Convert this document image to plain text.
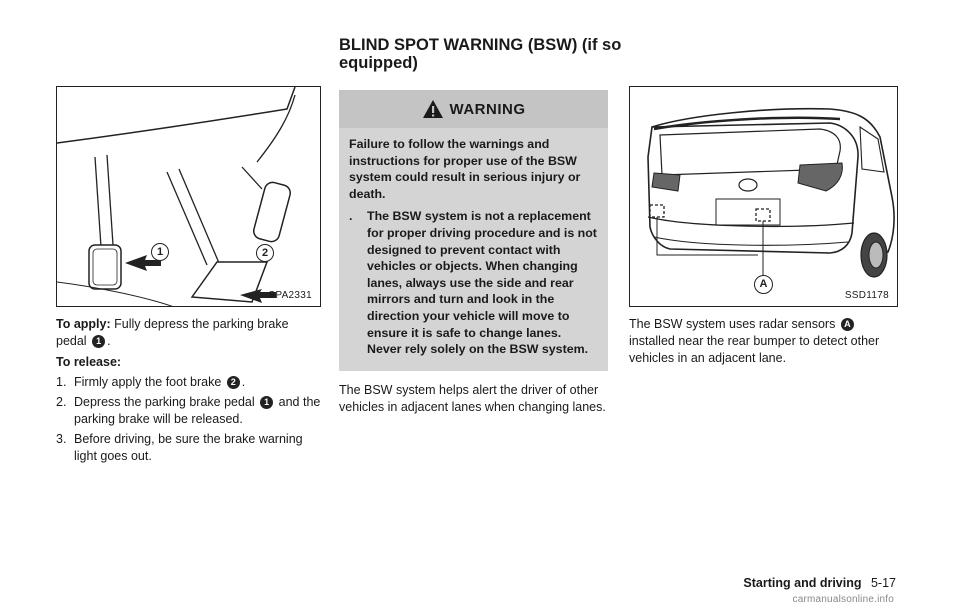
BLIND SPOT WARNING (BSW) (if so equipped)
1	2
SPA2331
To apply: Fully depress the parking brake pedal 1 .
To release:
1. Firmly apply the foot brake 2 .
2. Depress the parking brake pedal 1 and the parking brake will be released.
3. Before driving, be sure the brake warning light goes out.
WARNING
Failure to follow the warnings and instructions for proper use of the BSW system could result in serious injury or death.
.	The BSW system is not a replacement for proper driving procedure and is not designed to prevent contact with vehicles or objects. When changing lanes, always use the side and rear mirrors and turn and look in the direction your vehicle will move to ensure it is safe to change lanes. Never rely solely on the BSW system.
The BSW system helps alert the driver of other vehicles in adjacent lanes when changing lanes.
A
SSD1178
The BSW system uses radar sensors A installed near the rear bumper to detect other vehicles in an adjacent lane.
Starting and driving 5-17
carmanualsonline.info
